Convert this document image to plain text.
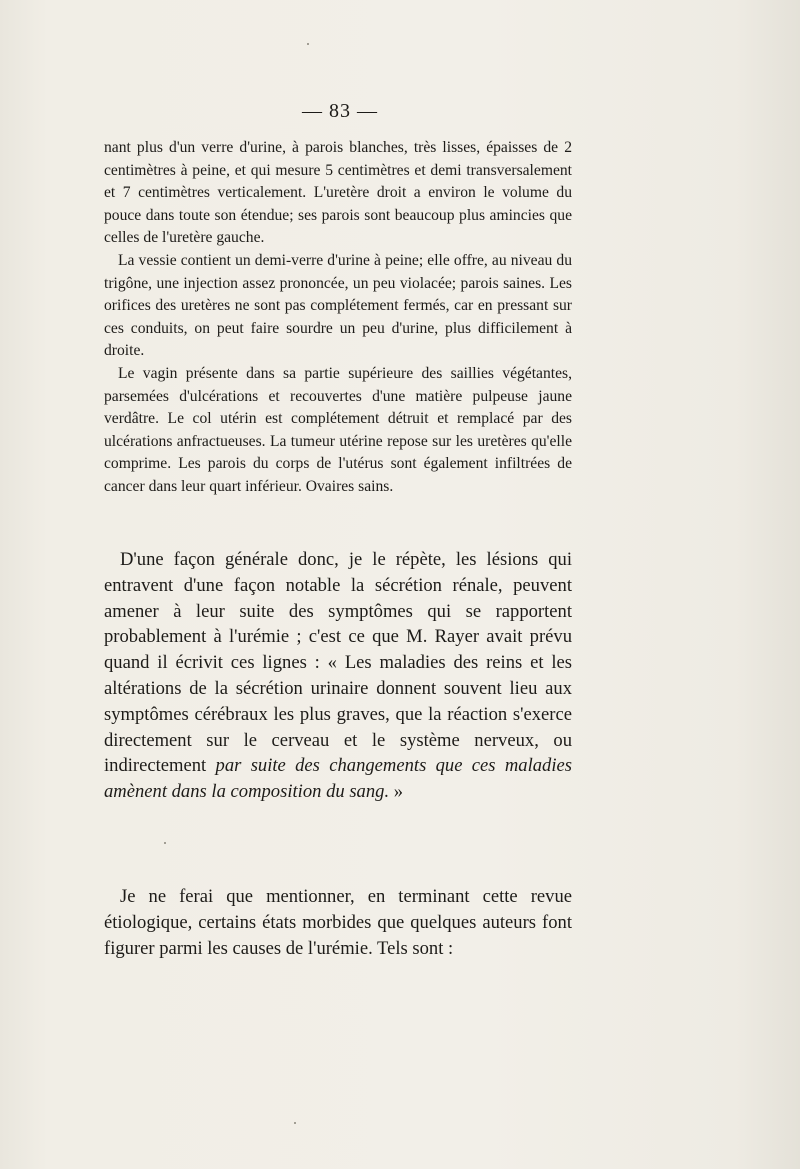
— 83 —

nant plus d'un verre d'urine, à parois blanches, très lisses, épaisses de 2 centimètres à peine, et qui mesure 5 centimètres et demi transversalement et 7 centimètres verticalement. L'uretère droit a environ le volume du pouce dans toute son étendue; ses parois sont beaucoup plus amincies que celles de l'uretère gauche.

La vessie contient un demi-verre d'urine à peine; elle offre, au niveau du trigône, une injection assez prononcée, un peu violacée; parois saines. Les orifices des uretères ne sont pas complétement fermés, car en pressant sur ces conduits, on peut faire sourdre un peu d'urine, plus difficilement à droite.

Le vagin présente dans sa partie supérieure des saillies végétantes, parsemées d'ulcérations et recouvertes d'une matière pulpeuse jaune verdâtre. Le col utérin est complétement détruit et remplacé par des ulcérations anfractueuses. La tumeur utérine repose sur les uretères qu'elle comprime. Les parois du corps de l'utérus sont également infiltrées de cancer dans leur quart inférieur. Ovaires sains.

D'une façon générale donc, je le répète, les lésions qui entravent d'une façon notable la sécrétion rénale, peuvent amener à leur suite des symptômes qui se rapportent probablement à l'urémie ; c'est ce que M. Rayer avait prévu quand il écrivit ces lignes : « Les maladies des reins et les altérations de la sécrétion urinaire donnent souvent lieu aux symptômes cérébraux les plus graves, que la réaction s'exerce directement sur le cerveau et le système nerveux, ou indirectement par suite des changements que ces maladies amènent dans la composition du sang. »

Je ne ferai que mentionner, en terminant cette revue étiologique, certains états morbides que quelques auteurs font figurer parmi les causes de l'urémie. Tels sont :
